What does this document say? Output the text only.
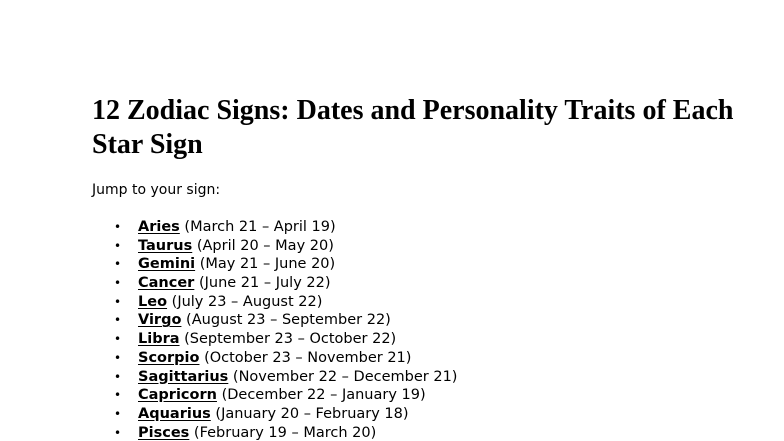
12 Zodiac Signs: Dates and Personality Traits of Each Star Sign

Jump to your sign:

• Aries (March 21 – April 19)
• Taurus (April 20 – May 20)
• Gemini (May 21 – June 20)
• Cancer (June 21 – July 22)
• Leo (July 23 – August 22)
• Virgo (August 23 – September 22)
• Libra (September 23 – October 22)
• Scorpio (October 23 – November 21)
• Sagittarius (November 22 – December 21)
• Capricorn (December 22 – January 19)
• Aquarius (January 20 – February 18)
• Pisces (February 19 – March 20)
